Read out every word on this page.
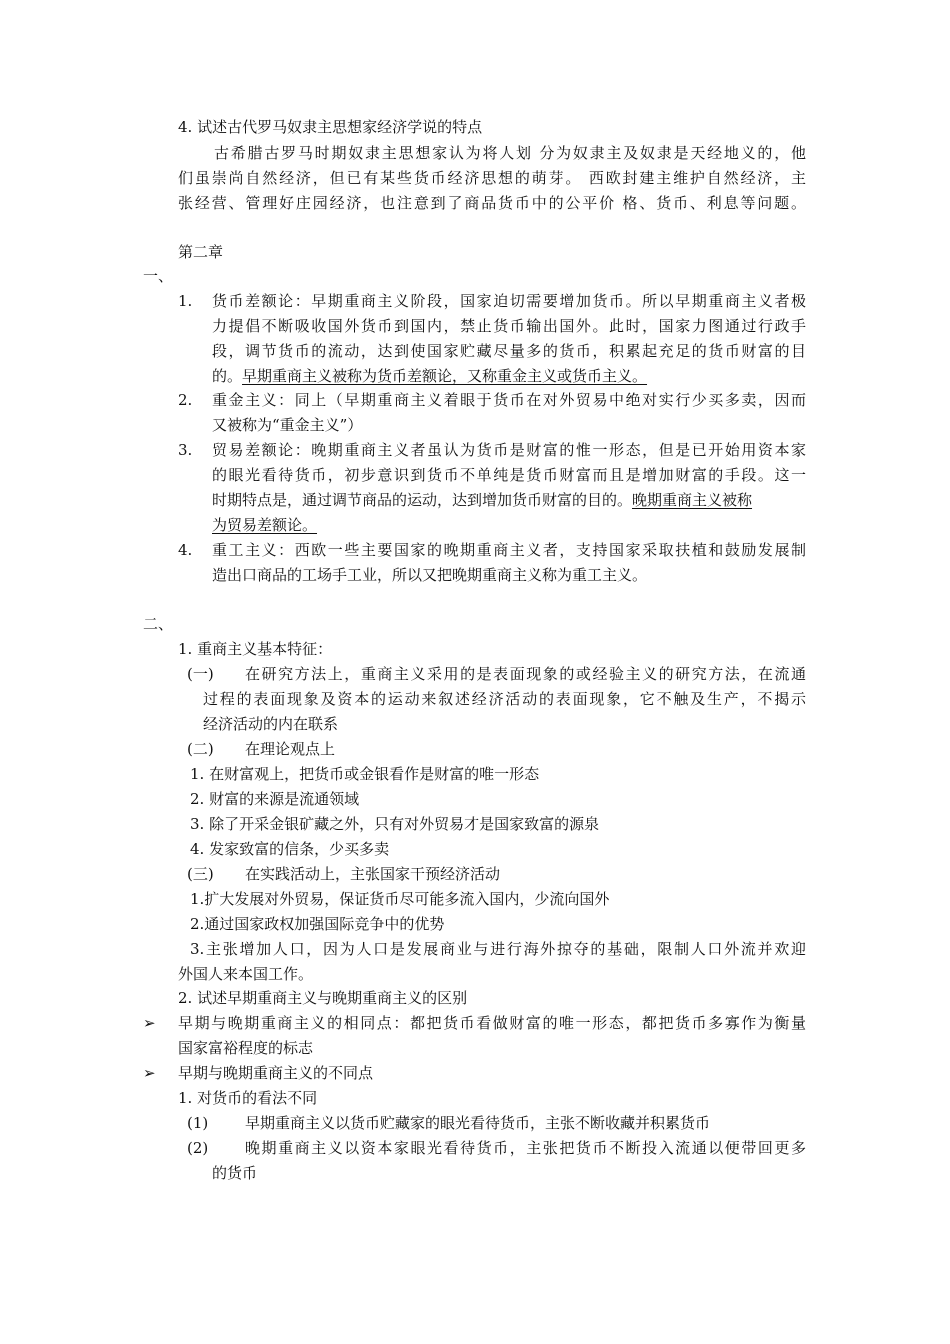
4. 试述古代罗马奴隶主思想家经济学说的特点
古希腊古罗马时期奴隶主思想家认为将人划 分为奴隶主及奴隶是天经地义的，他
们虽崇尚自然经济，但已有某些货币经济思想的萌芽。 西欧封建主维护自然经济，主
张经营、管理好庄园经济，也注意到了商品货币中的公平价 格、货币、利息等问题。
第二章
一、
1. 货币差额论：早期重商主义阶段，国家迫切需要增加货币。所以早期重商主义者极
力提倡不断吸收国外货币到国内，禁止货币输出国外。此时，国家力图通过行政手
段，调节货币的流动，达到使国家贮藏尽量多的货币，积累起充足的货币财富的目
的。早期重商主义被称为货币差额论，又称重金主义或货币主义。
2. 重金主义：同上（早期重商主义着眼于货币在对外贸易中绝对实行少买多卖，因而
又被称为“重金主义”）
3. 贸易差额论：晚期重商主义者虽认为货币是财富的惟一形态，但是已开始用资本家
的眼光看待货币，初步意识到货币不单纯是货币财富而且是增加财富的手段。这一
时期特点是，通过调节商品的运动，达到增加货币财富的目的。晚期重商主义被称
为贸易差额论。
4. 重工主义：西欧一些主要国家的晚期重商主义者，支持国家采取扶植和鼓励发展制
造出口商品的工场手工业，所以又把晚期重商主义称为重工主义。
二、
1. 重商主义基本特征：
(一) 在研究方法上，重商主义采用的是表面现象的或经验主义的研究方法，在流通
过程的表面现象及资本的运动来叙述经济活动的表面现象，它不触及生产，不揭示
经济活动的内在联系
(二) 在理论观点上
1. 在财富观上，把货币或金银看作是财富的唯一形态
2. 财富的来源是流通领域
3. 除了开采金银矿藏之外，只有对外贸易才是国家致富的源泉
4. 发家致富的信条，少买多卖
(三) 在实践活动上，主张国家干预经济活动
1.扩大发展对外贸易，保证货币尽可能多流入国内，少流向国外
2.通过国家政权加强国际竞争中的优势
3.主张增加人口，因为人口是发展商业与进行海外掠夺的基础，限制人口外流并欢迎
外国人来本国工作。
2. 试述早期重商主义与晚期重商主义的区别
➢ 早期与晚期重商主义的相同点：都把货币看做财富的唯一形态，都把货币多寡作为衡量
国家富裕程度的标志
➢ 早期与晚期重商主义的不同点
1. 对货币的看法不同
(1) 早期重商主义以货币贮藏家的眼光看待货币，主张不断收藏并积累货币
(2) 晚期重商主义以资本家眼光看待货币，主张把货币不断投入流通以便带回更多
的货币
